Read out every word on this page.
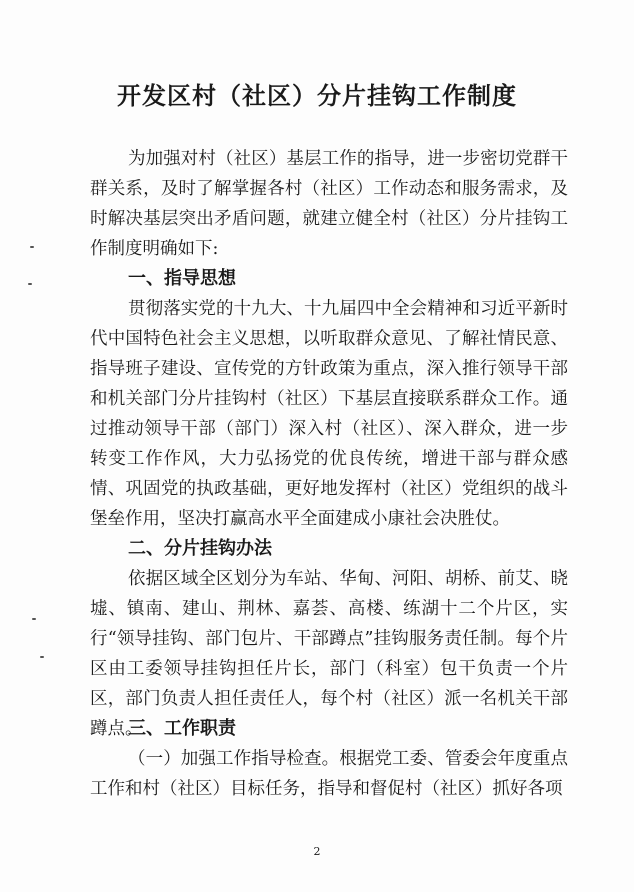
开发区村（社区）分片挂钩工作制度

为加强对村（社区）基层工作的指导，进一步密切党群干群关系，及时了解掌握各村（社区）工作动态和服务需求，及时解决基层突出矛盾问题，就建立健全村（社区）分片挂钩工作制度明确如下:

一、指导思想

贯彻落实党的十九大、十九届四中全会精神和习近平新时代中国特色社会主义思想，以听取群众意见、了解社情民意、指导班子建设、宣传党的方针政策为重点，深入推行领导干部和机关部门分片挂钩村（社区）下基层直接联系群众工作。通过推动领导干部（部门）深入村（社区）、深入群众，进一步转变工作作风，大力弘扬党的优良传统，增进干部与群众感情、巩固党的执政基础，更好地发挥村（社区）党组织的战斗堡垒作用，坚决打赢高水平全面建成小康社会决胜仗。

二、分片挂钩办法

依据区域全区划分为车站、华甸、河阳、胡桥、前艾、晓墟、镇南、建山、荆林、嘉荟、高楼、练湖十二个片区，实行“领导挂钩、部门包片、干部蹲点”挂钩服务责任制。每个片区由工委领导挂钩担任片长，部门（科室）包干负责一个片区，部门负责人担任责任人，每个村（社区）派一名机关干部蹲点。

三、工作职责

（一）加强工作指导检查。根据党工委、管委会年度重点工作和村（社区）目标任务，指导和督促村（社区）抓好各项

2
